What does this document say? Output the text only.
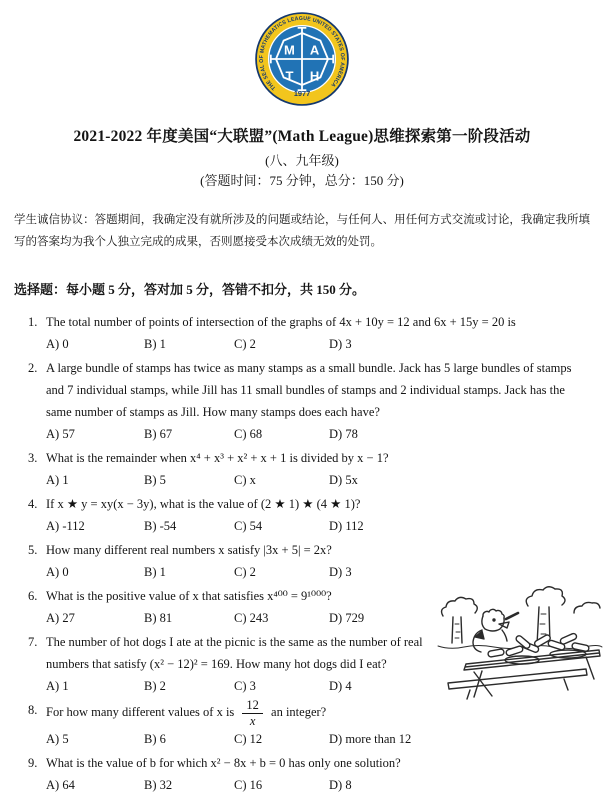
THE SEAL OF MATHEMATICS LEAGUE UNITED STATES OF AMERICA
1977
M A
T H
2021-2022 年度美国“大联盟”(Math League)思维探索第一阶段活动
(八、九年级)
(答题时间：75 分钟，总分：150 分)
学生诚信协议：答题期间，我确定没有就所涉及的问题或结论，与任何人、用任何方式交流或讨论，我确定我所填写的答案均为我个人独立完成的成果，否则愿接受本次成绩无效的处罚。
选择题：每小题 5 分，答对加 5 分，答错不扣分，共 150 分。
1. The total number of points of intersection of the graphs of 4x + 10y = 12 and 6x + 15y = 20 is
A) 0	B) 1	C) 2	D) 3
2. A large bundle of stamps has twice as many stamps as a small bundle. Jack has 5 large bundles of stamps and 7 individual stamps, while Jill has 11 small bundles of stamps and 2 individual stamps. Jack has the same number of stamps as Jill. How many stamps does each have?
A) 57	B) 67	C) 68	D) 78
3. What is the remainder when x⁴ + x³ + x² + x + 1 is divided by x − 1?
A) 1	B) 5	C) x	D) 5x
4. If x ★ y = xy(x − 3y), what is the value of (2 ★ 1) ★ (4 ★ 1)?
A) -112	B) -54	C) 54	D) 112
5. How many different real numbers x satisfy |3x + 5| = 2x?
A) 0	B) 1	C) 2	D) 3
6. What is the positive value of x that satisfies x⁴⁰⁰ = 9¹⁰⁰⁰?
A) 27	B) 81	C) 243	D) 729
7. The number of hot dogs I ate at the picnic is the same as the number of real numbers that satisfy (x² − 12)² = 169. How many hot dogs did I eat?
A) 1	B) 2	C) 3	D) 4
8. For how many different values of x is $\frac{12}{x}$ an integer?
A) 5	B) 6	C) 12	D) more than 12
9. What is the value of b for which x² − 8x + b = 0 has only one solution?
A) 64	B) 32	C) 16	D) 8
